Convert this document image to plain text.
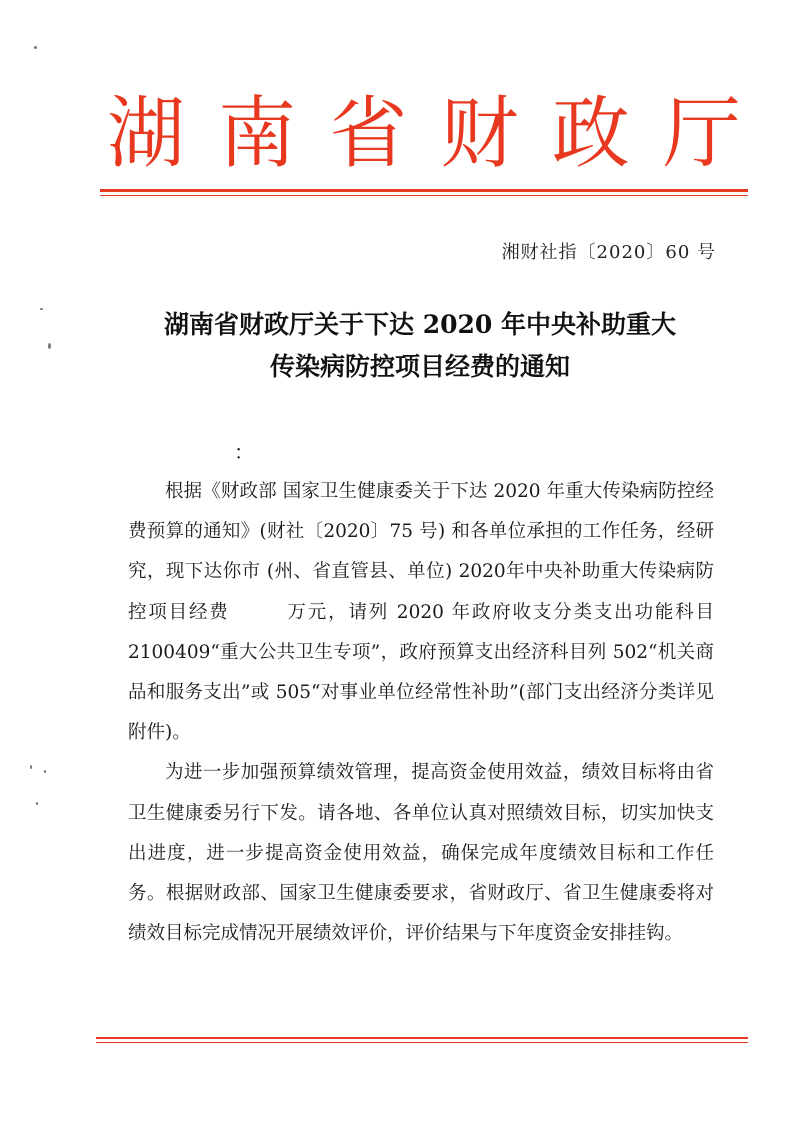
湖 南 省 财 政 厅
湘财社指〔2020〕60 号
湖南省财政厅关于下达 2020 年中央补助重大
传染病防控项目经费的通知
：

根据《财政部 国家卫生健康委关于下达 2020 年重大传染病防控经费预算的通知》(财社〔2020〕75 号) 和各单位承担的工作任务，经研究，现下达你市 (州、省直管县、单位) 2020年中央补助重大传染病防控项目经费	万元，请列 2020 年政府收支分类支出功能科目 2100409“重大公共卫生专项”，政府预算支出经济科目列 502“机关商品和服务支出”或 505“对事业单位经常性补助”(部门支出经济分类详见附件)。

为进一步加强预算绩效管理，提高资金使用效益，绩效目标将由省卫生健康委另行下发。请各地、各单位认真对照绩效目标，切实加快支出进度，进一步提高资金使用效益，确保完成年度绩效目标和工作任务。根据财政部、国家卫生健康委要求，省财政厅、省卫生健康委将对绩效目标完成情况开展绩效评价，评价结果与下年度资金安排挂钩。
